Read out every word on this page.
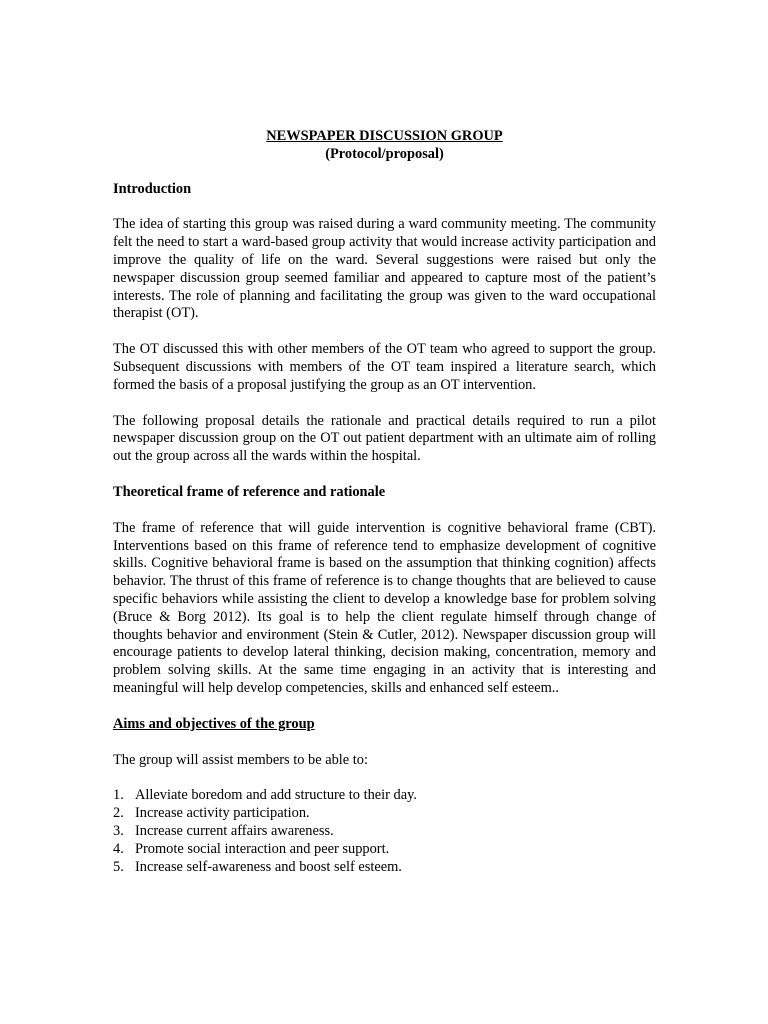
NEWSPAPER DISCUSSION GROUP

(Protocol/proposal)

Introduction

The idea of starting this group was raised during a ward community meeting. The community felt the need to start a ward-based group activity that would increase activity participation and improve the quality of life on the ward. Several suggestions were raised but only the newspaper discussion group seemed familiar and appeared to capture most of the patient’s interests. The role of planning and facilitating the group was given to the ward occupational therapist (OT).

The OT discussed this with other members of the OT team who agreed to support the group. Subsequent discussions with members of the OT team inspired a literature search, which formed the basis of a proposal justifying the group as an OT intervention.

The following proposal details the rationale and practical details required to run a pilot newspaper discussion group on the OT out patient department with an ultimate aim of rolling out the group across all the wards within the hospital.

Theoretical frame of reference and rationale

The frame of reference that will guide intervention is cognitive behavioral frame (CBT). Interventions based on this frame of reference tend to emphasize development of cognitive skills. Cognitive behavioral frame is based on the assumption that thinking cognition) affects behavior. The thrust of this frame of reference is to change thoughts that are believed to cause specific behaviors while assisting the client to develop a knowledge base for problem solving (Bruce & Borg 2012). Its goal is to help the client regulate himself through change of thoughts behavior and environment (Stein & Cutler, 2012). Newspaper discussion group will encourage patients to develop lateral thinking, decision making, concentration, memory and problem solving skills. At the same time engaging in an activity that is interesting and meaningful will help develop competencies, skills and enhanced self esteem..

Aims and objectives of the group

The group will assist members to be able to:

1. Alleviate boredom and add structure to their day.
2. Increase activity participation.
3. Increase current affairs awareness.
4. Promote social interaction and peer support.
5. Increase self-awareness and boost self esteem.
